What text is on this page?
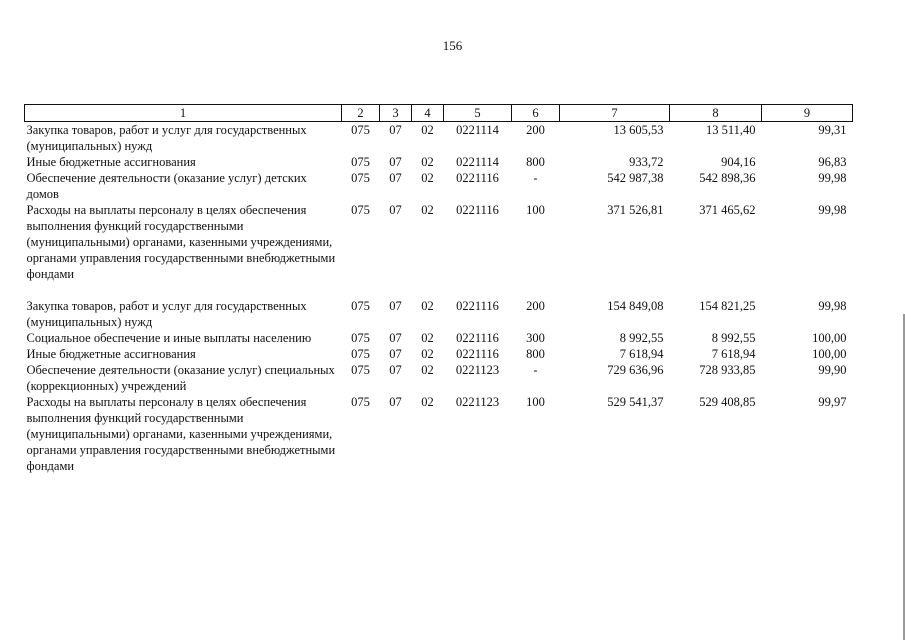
156
1	2	3	4	5	6	7	8	9
Закупка товаров, работ и услуг для государственных (муниципальных) нужд	075	07	02	0221114	200	13 605,53	13 511,40	99,31
Иные бюджетные ассигнования	075	07	02	0221114	800	933,72	904,16	96,83
Обеспечение деятельности (оказание услуг) детских домов	075	07	02	0221116	-	542 987,38	542 898,36	99,98
Расходы на выплаты персоналу в целях обеспечения выполнения функций государственными (муниципальными) органами, казенными учреждениями, органами управления государственными внебюджетными фондами	075	07	02	0221116	100	371 526,81	371 465,62	99,98

Закупка товаров, работ и услуг для государственных (муниципальных) нужд	075	07	02	0221116	200	154 849,08	154 821,25	99,98
Социальное обеспечение и иные выплаты населению	075	07	02	0221116	300	8 992,55	8 992,55	100,00
Иные бюджетные ассигнования	075	07	02	0221116	800	7 618,94	7 618,94	100,00
Обеспечение деятельности (оказание услуг) специальных (коррекционных) учреждений	075	07	02	0221123	-	729 636,96	728 933,85	99,90
Расходы на выплаты персоналу в целях обеспечения выполнения функций государственными (муниципальными) органами, казенными учреждениями, органами управления государственными внебюджетными фондами	075	07	02	0221123	100	529 541,37	529 408,85	99,97
